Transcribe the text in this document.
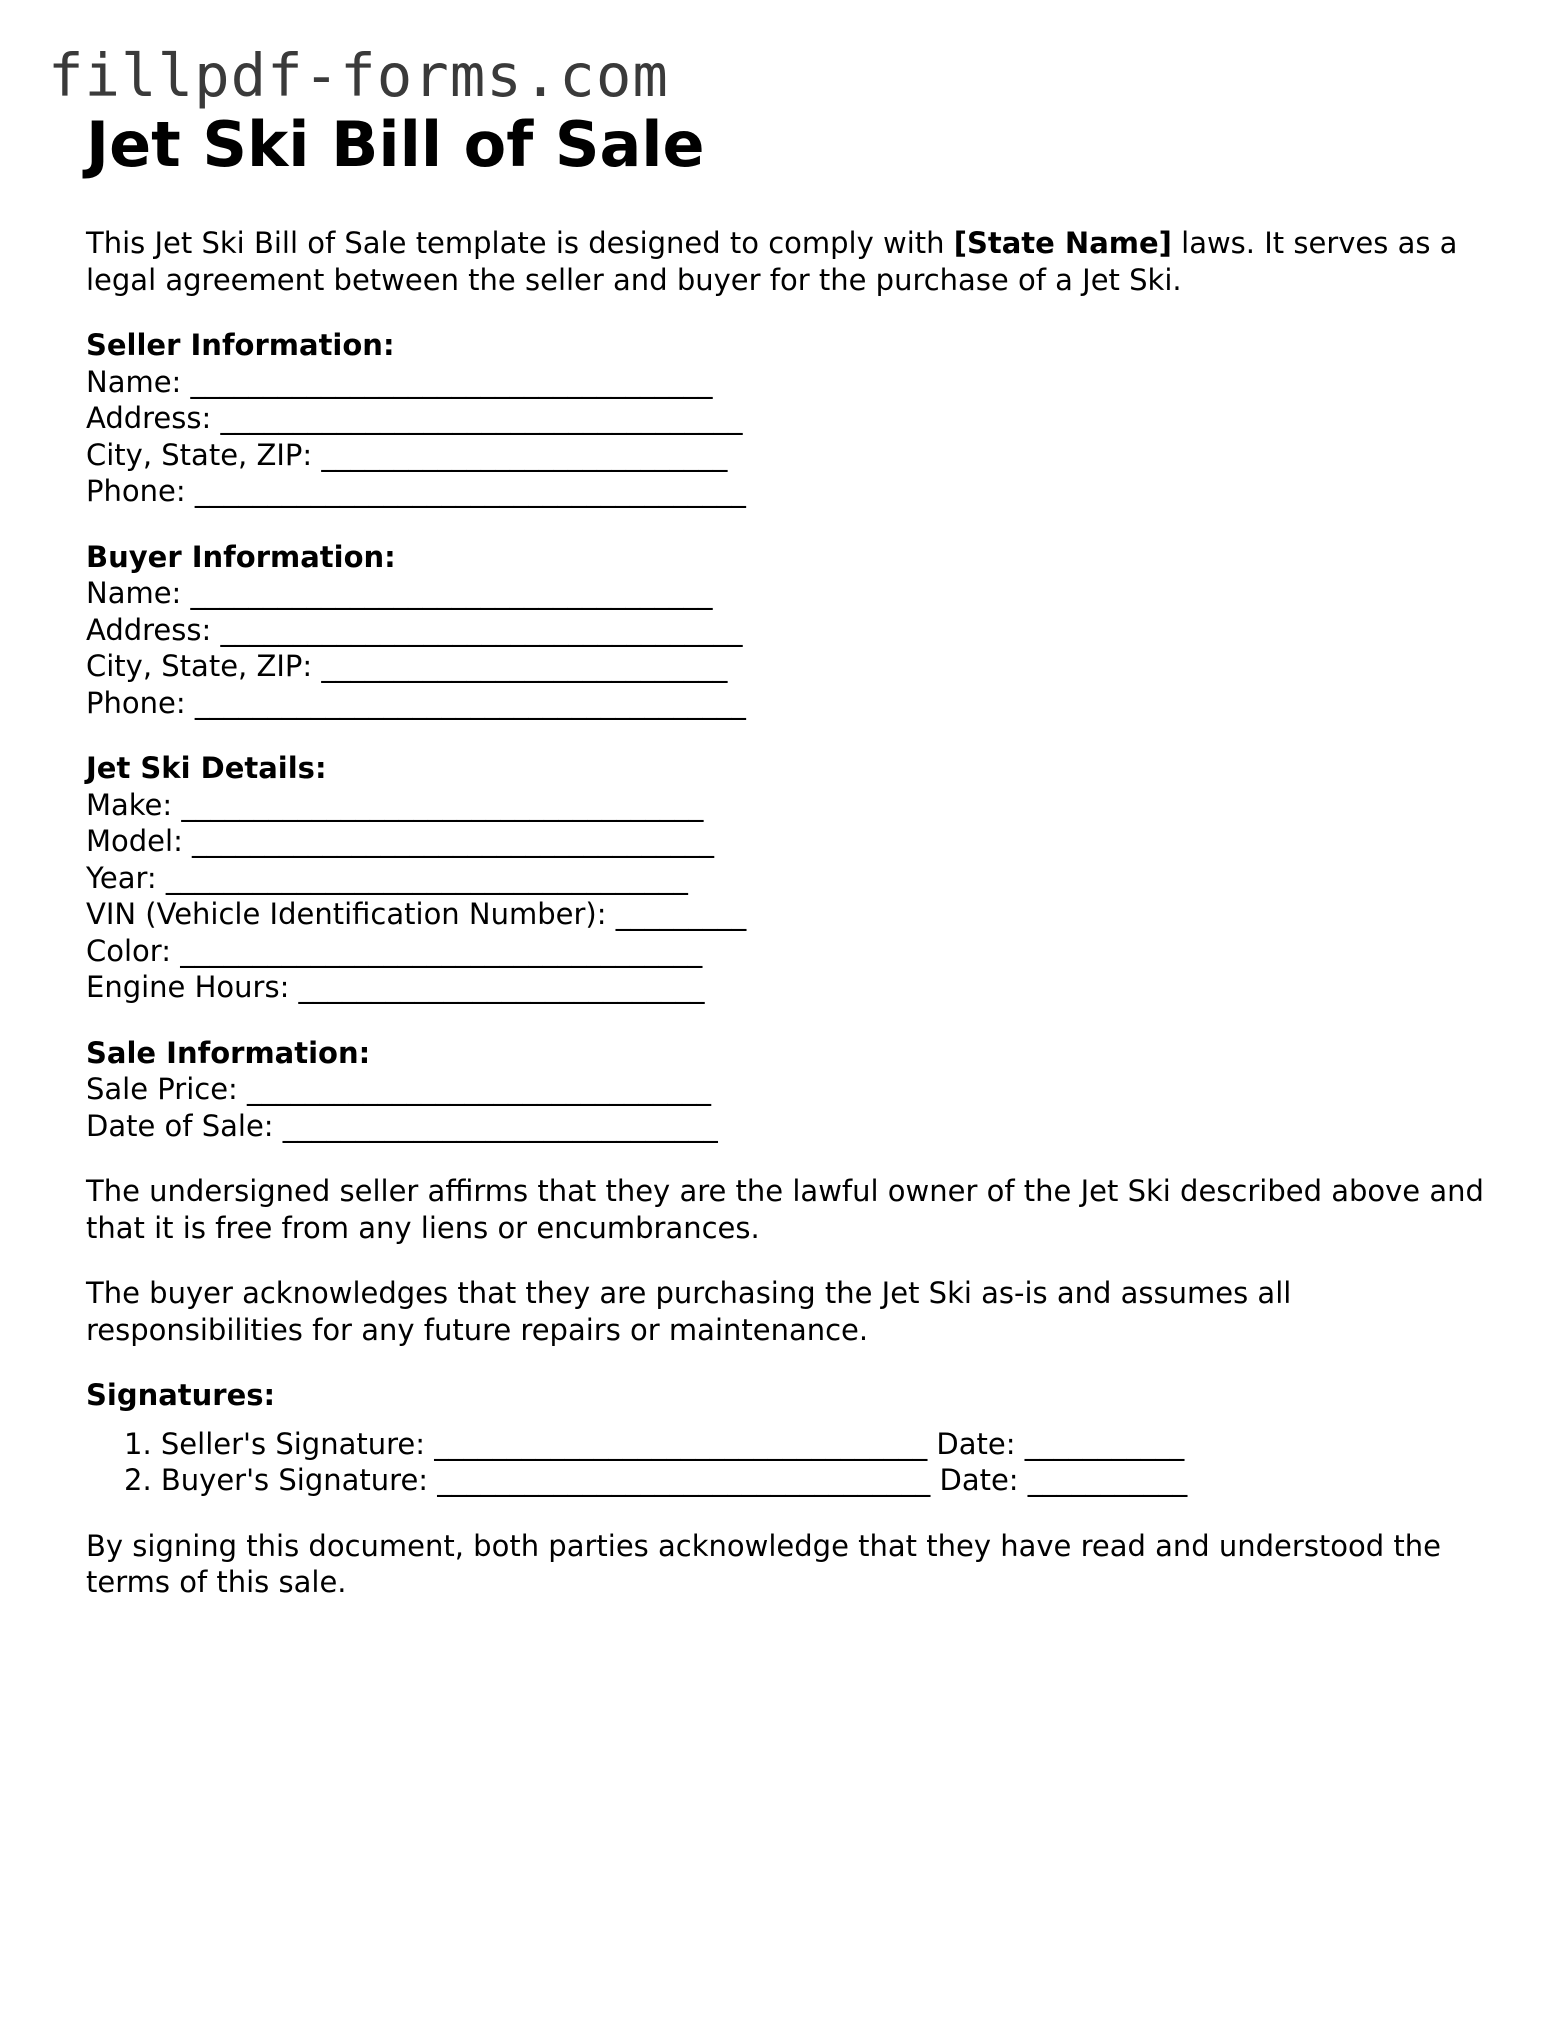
fillpdf-forms.com
Jet Ski Bill of Sale
This Jet Ski Bill of Sale template is designed to comply with [State Name] laws. It serves as a legal agreement between the seller and buyer for the purchase of a Jet Ski.
Seller Information:
Name: ____________________________________
Address: ____________________________________
City, State, ZIP: ____________________________
Phone: ______________________________________
Buyer Information:
Name: ____________________________________
Address: ____________________________________
City, State, ZIP: ____________________________
Phone: ______________________________________
Jet Ski Details:
Make: ____________________________________
Model: ____________________________________
Year: ____________________________________
VIN (Vehicle Identification Number): _________
Color: ____________________________________
Engine Hours: ____________________________
Sale Information:
Sale Price: ________________________________
Date of Sale: ______________________________
The undersigned seller affirms that they are the lawful owner of the Jet Ski described above and that it is free from any liens or encumbrances.
The buyer acknowledges that they are purchasing the Jet Ski as-is and assumes all responsibilities for any future repairs or maintenance.
Signatures:
1. Seller's Signature: __________________________________ Date: ___________
2. Buyer's Signature: __________________________________ Date: ___________
By signing this document, both parties acknowledge that they have read and understood the terms of this sale.
